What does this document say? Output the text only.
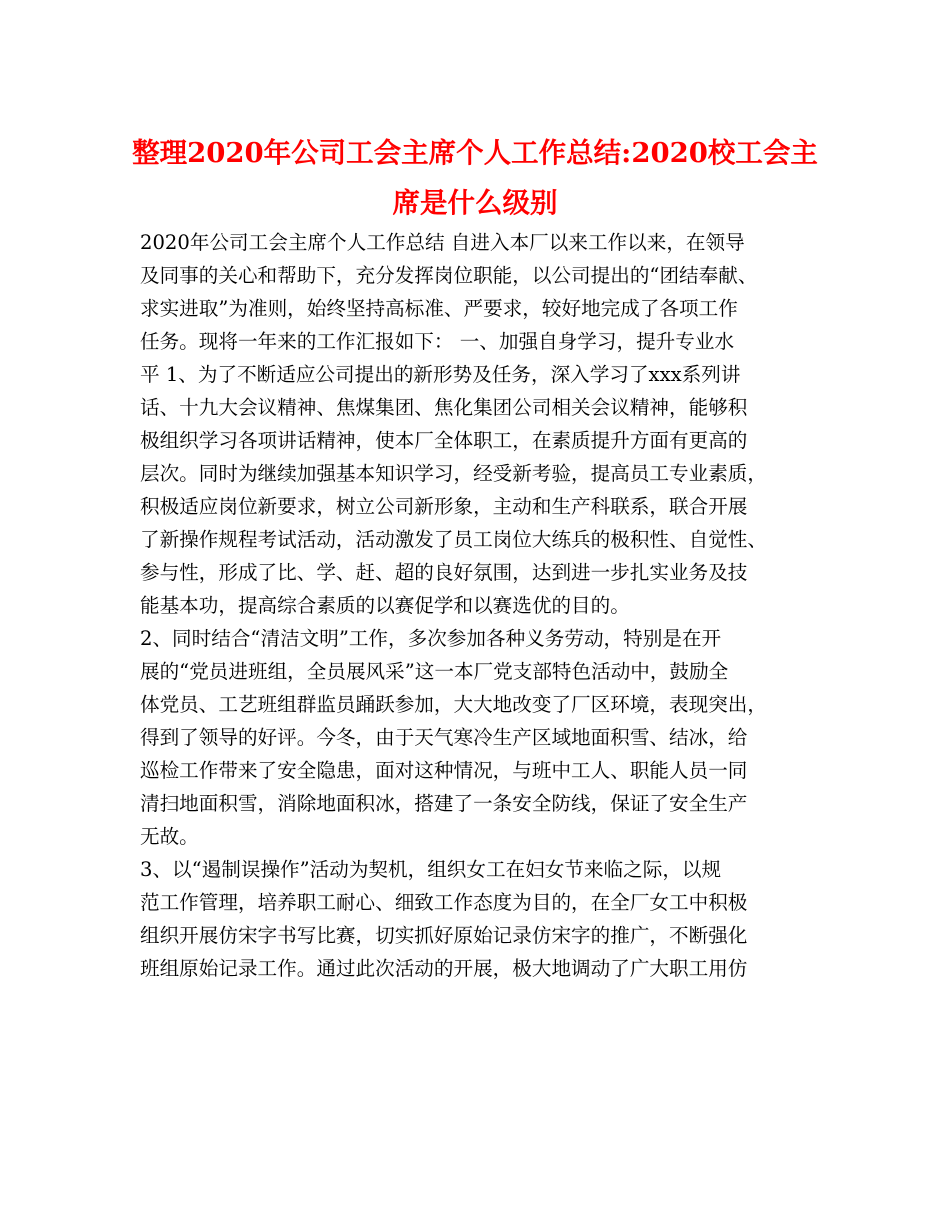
整理2020年公司工会主席个人工作总结:2020校工会主
席是什么级别
2020年公司工会主席个人工作总结 自进入本厂以来工作以来，在领导
及同事的关心和帮助下，充分发挥岗位职能，以公司提出的“团结奉献、
求实进取”为准则，始终坚持高标准、严要求，较好地完成了各项工作
任务。现将一年来的工作汇报如下： 一、加强自身学习，提升专业水
平 1、为了不断适应公司提出的新形势及任务，深入学习了xxx系列讲
话、十九大会议精神、焦煤集团、焦化集团公司相关会议精神，能够积
极组织学习各项讲话精神，使本厂全体职工，在素质提升方面有更高的
层次。同时为继续加强基本知识学习，经受新考验，提高员工专业素质，
积极适应岗位新要求，树立公司新形象，主动和生产科联系，联合开展
了新操作规程考试活动，活动激发了员工岗位大练兵的极积性、自觉性、
参与性，形成了比、学、赶、超的良好氛围，达到进一步扎实业务及技
能基本功，提高综合素质的以赛促学和以赛选优的目的。
2、同时结合“清洁文明”工作，多次参加各种义务劳动，特别是在开
展的“党员进班组，全员展风采”这一本厂党支部特色活动中，鼓励全
体党员、工艺班组群监员踊跃参加，大大地改变了厂区环境，表现突出，
得到了领导的好评。今冬，由于天气寒冷生产区域地面积雪、结冰，给
巡检工作带来了安全隐患，面对这种情况，与班中工人、职能人员一同
清扫地面积雪，消除地面积冰，搭建了一条安全防线，保证了安全生产
无故。
3、以“遏制误操作”活动为契机，组织女工在妇女节来临之际，以规
范工作管理，培养职工耐心、细致工作态度为目的，在全厂女工中积极
组织开展仿宋字书写比赛，切实抓好原始记录仿宋字的推广，不断强化
班组原始记录工作。通过此次活动的开展，极大地调动了广大职工用仿
